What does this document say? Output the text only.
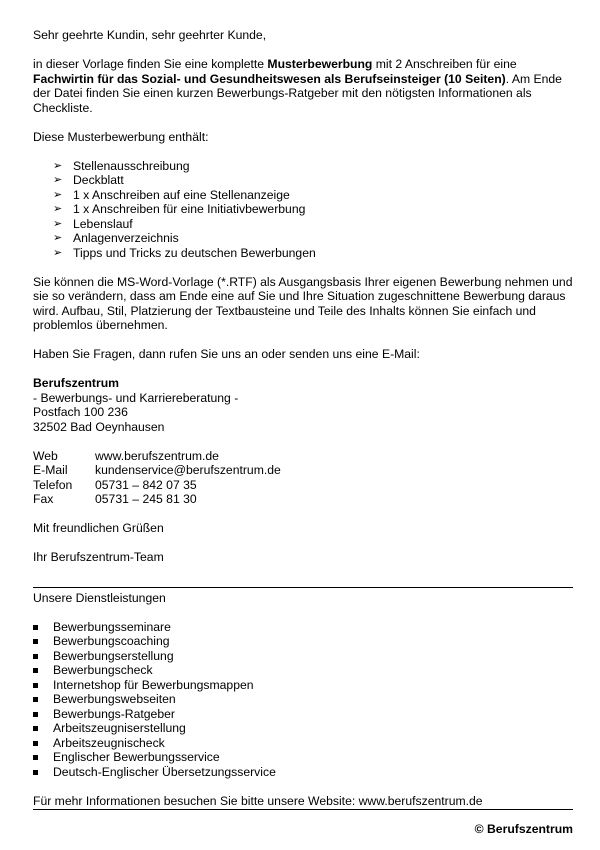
Sehr geehrte Kundin, sehr geehrter Kunde,

in dieser Vorlage finden Sie eine komplette Musterbewerbung mit 2 Anschreiben für eine Fachwirtin für das Sozial- und Gesundheitswesen als Berufseinsteiger (10 Seiten). Am Ende der Datei finden Sie einen kurzen Bewerbungs-Ratgeber mit den nötigsten Informationen als Checkliste.

Diese Musterbewerbung enthält:

➢ Stellenausschreibung
➢ Deckblatt
➢ 1 x Anschreiben auf eine Stellenanzeige
➢ 1 x Anschreiben für eine Initiativbewerbung
➢ Lebenslauf
➢ Anlagenverzeichnis
➢ Tipps und Tricks zu deutschen Bewerbungen

Sie können die MS-Word-Vorlage (*.RTF) als Ausgangsbasis Ihrer eigenen Bewerbung nehmen und sie so verändern, dass am Ende eine auf Sie und Ihre Situation zugeschnittene Bewerbung daraus wird. Aufbau, Stil, Platzierung der Textbausteine und Teile des Inhalts können Sie einfach und problemlos übernehmen.

Haben Sie Fragen, dann rufen Sie uns an oder senden uns eine E-Mail:

Berufszentrum

- Bewerbungs- und Karriereberatung -

Postfach 100 236

32502 Bad Oeynhausen

Web	www.berufszentrum.de
E-Mail	kundenservice@berufszentrum.de
Telefon	05731 – 842 07 35
Fax	05731 – 245 81 30

Mit freundlichen Grüßen

Ihr Berufszentrum-Team

Unsere Dienstleistungen

Bewerbungsseminare
Bewerbungscoaching
Bewerbungserstellung
Bewerbungscheck
Internetshop für Bewerbungsmappen
Bewerbungswebseiten
Bewerbungs-Ratgeber
Arbeitszeugniserstellung
Arbeitszeugnischeck
Englischer Bewerbungsservice
Deutsch-Englischer Übersetzungsservice

Für mehr Informationen besuchen Sie bitte unsere Website: www.berufszentrum.de

© Berufszentrum
